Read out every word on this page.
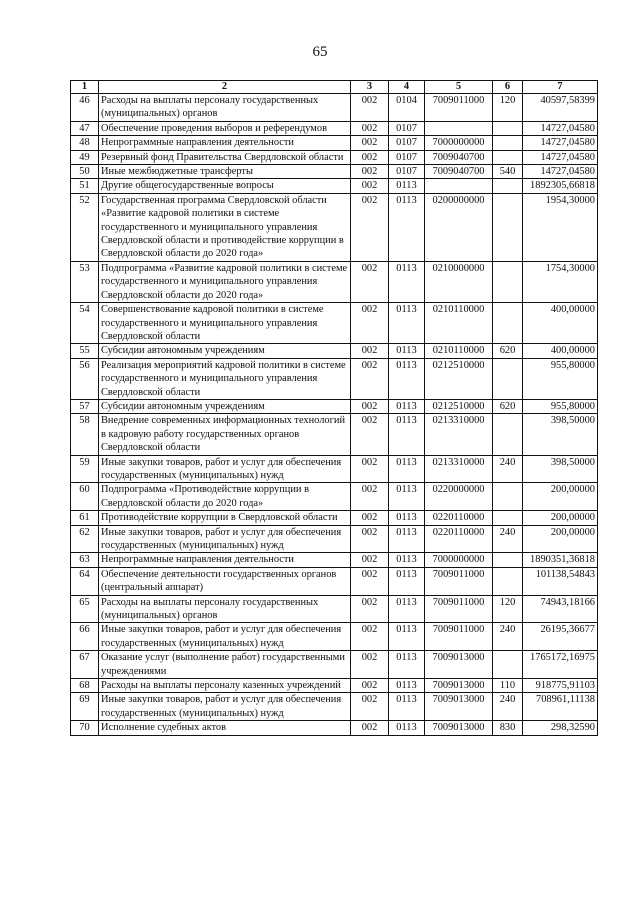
65
1	2	3	4	5	6	7
46	Расходы на выплаты персоналу государственных (муниципальных) органов	002	0104	7009011000	120	40597,58399
47	Обеспечение проведения выборов и референдумов	002	0107			14727,04580
48	Непрограммные направления деятельности	002	0107	7000000000		14727,04580
49	Резервный фонд Правительства Свердловской области	002	0107	7009040700		14727,04580
50	Иные межбюджетные трансферты	002	0107	7009040700	540	14727,04580
51	Другие общегосударственные вопросы	002	0113			1892305,66818
52	Государственная программа Свердловской области «Развитие кадровой политики в системе государственного и муниципального управления Свердловской области и противодействие коррупции в Свердловской области до 2020 года»	002	0113	0200000000		1954,30000
53	Подпрограмма «Развитие кадровой политики в системе государственного и муниципального управления Свердловской области до 2020 года»	002	0113	0210000000		1754,30000
54	Совершенствование кадровой политики в системе государственного и муниципального управления Свердловской области	002	0113	0210110000		400,00000
55	Субсидии автономным учреждениям	002	0113	0210110000	620	400,00000
56	Реализация мероприятий кадровой политики в системе государственного и муниципального управления Свердловской области	002	0113	0212510000		955,80000
57	Субсидии автономным учреждениям	002	0113	0212510000	620	955,80000
58	Внедрение современных информационных технологий в кадровую работу государственных органов Свердловской области	002	0113	0213310000		398,50000
59	Иные закупки товаров, работ и услуг для обеспечения государственных (муниципальных) нужд	002	0113	0213310000	240	398,50000
60	Подпрограмма «Противодействие коррупции в Свердловской области до 2020 года»	002	0113	0220000000		200,00000
61	Противодействие коррупции в Свердловской области	002	0113	0220110000		200,00000
62	Иные закупки товаров, работ и услуг для обеспечения государственных (муниципальных) нужд	002	0113	0220110000	240	200,00000
63	Непрограммные направления деятельности	002	0113	7000000000		1890351,36818
64	Обеспечение деятельности государственных органов (центральный аппарат)	002	0113	7009011000		101138,54843
65	Расходы на выплаты персоналу государственных (муниципальных) органов	002	0113	7009011000	120	74943,18166
66	Иные закупки товаров, работ и услуг для обеспечения государственных (муниципальных) нужд	002	0113	7009011000	240	26195,36677
67	Оказание услуг (выполнение работ) государственными учреждениями	002	0113	7009013000		1765172,16975
68	Расходы на выплаты персоналу казенных учреждений	002	0113	7009013000	110	918775,91103
69	Иные закупки товаров, работ и услуг для обеспечения государственных (муниципальных) нужд	002	0113	7009013000	240	708961,11138
70	Исполнение судебных актов	002	0113	7009013000	830	298,32590
